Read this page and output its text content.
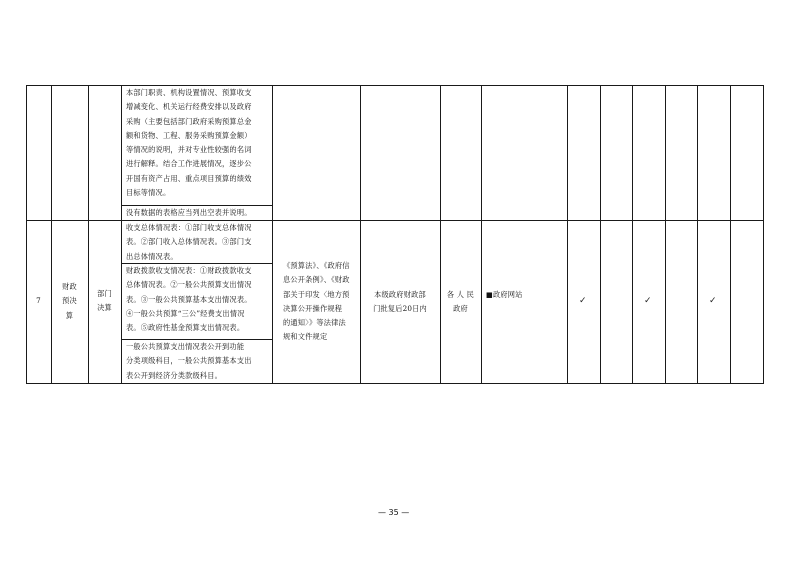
本部门职责、机构设置情况、预算收支
增减变化、机关运行经费安排以及政府
采购（主要包括部门政府采购预算总金
额和货物、工程、服务采购预算金额）
等情况的说明，并对专业性较强的名词
进行解释。结合工作进展情况，逐步公
开国有资产占用、重点项目预算的绩效
目标等情况。
没有数据的表格应当列出空表并说明。
7
财政
预决
算
部门
决算
收支总体情况表：①部门收支总体情况
表。②部门收入总体情况表。③部门支
出总体情况表。
财政拨款收支情况表：①财政拨款收支
总体情况表。②一般公共预算支出情况
表。③一般公共预算基本支出情况表。
④一般公共预算“三公”经费支出情况
表。⑤政府性基金预算支出情况表。
一般公共预算支出情况表公开到功能
分类项级科目，一般公共预算基本支出
表公开到经济分类款级科目。
《预算法》、《政府信
息公开条例》、《财政
部关于印发〈地方预
决算公开操作规程
的通知〉》等法律法
规和文件规定
本级政府财政部
门批复后20日内
各 人 民
政府
■政府网站
✓	✓	✓
— 35 —
